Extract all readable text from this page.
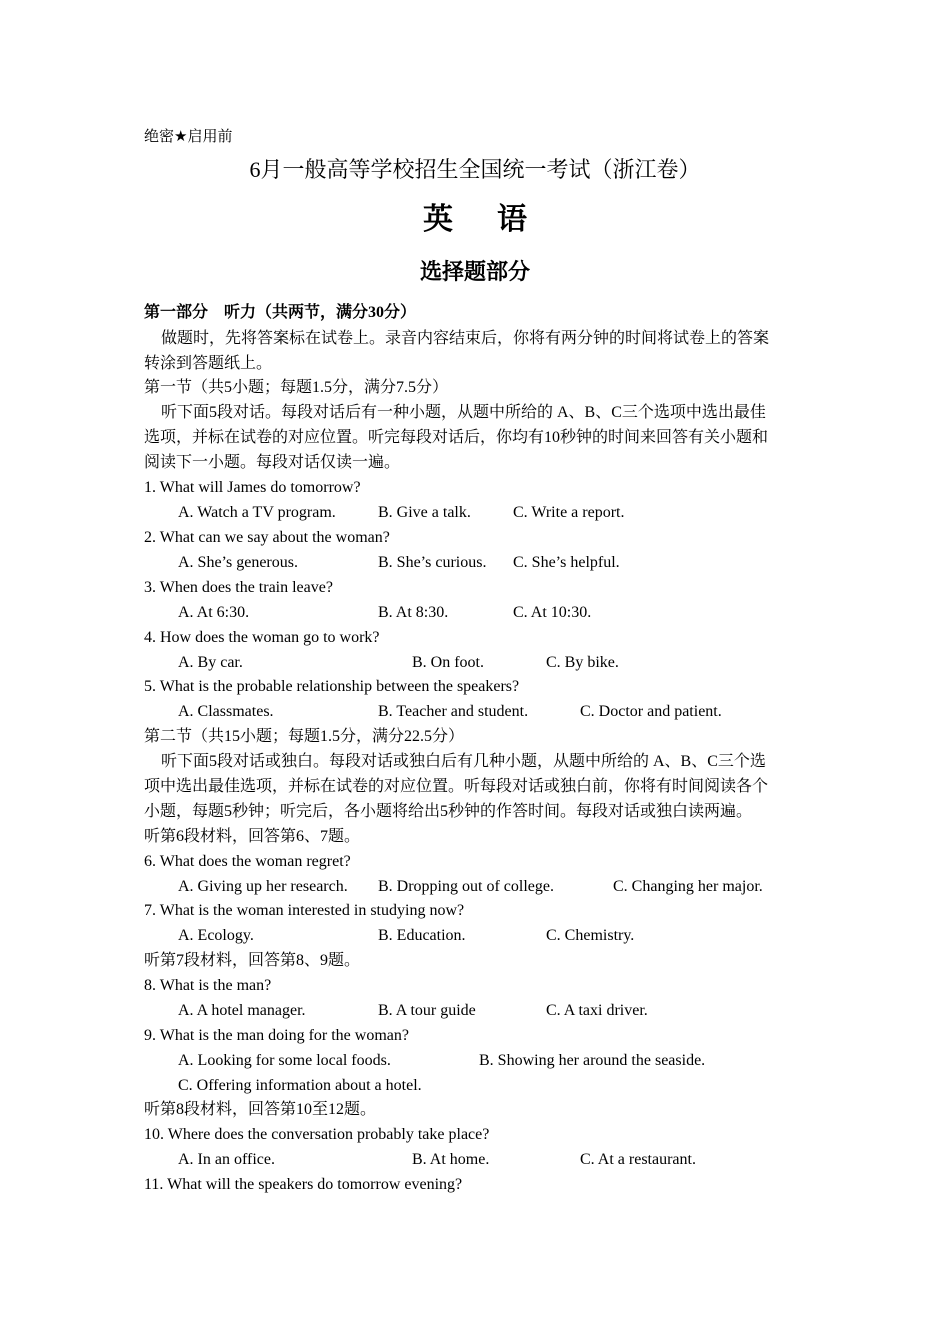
绝密★启用前
6月一般高等学校招生全国统一考试（浙江卷）
英语
选择题部分
第一部分　听力（共两节，满分30分）
做题时，先将答案标在试卷上。录音内容结束后，你将有两分钟的时间将试卷上的答案
转涂到答题纸上。
第一节（共5小题；每题1.5分，满分7.5分）
听下面5段对话。每段对话后有一种小题，从题中所给的 A、B、C三个选项中选出最佳
选项，并标在试卷的对应位置。听完每段对话后，你均有10秒钟的时间来回答有关小题和
阅读下一小题。每段对话仅读一遍。
1. What will James do tomorrow?
A. Watch a TV program.	B. Give a talk.	C. Write a report.
2. What can we say about the woman?
A. She’s generous.	B. She’s curious. C. She’s helpful.
3. When does the train leave?
A. At 6:30.	B. At 8:30.	C. At 10:30.
4. How does the woman go to work?
A. By car.	B. On foot.	C. By bike.
5. What is the probable relationship between the speakers?
A. Classmates.	B. Teacher and student.	C. Doctor and patient.
第二节（共15小题；每题1.5分，满分22.5分）
听下面5段对话或独白。每段对话或独白后有几种小题，从题中所给的 A、B、C三个选
项中选出最佳选项，并标在试卷的对应位置。听每段对话或独白前，你将有时间阅读各个
小题，每题5秒钟；听完后，各小题将给出5秒钟的作答时间。每段对话或独白读两遍。
听第6段材料，回答第6、7题。
6. What does the woman regret?
A. Giving up her research. B. Dropping out of college.	C. Changing her major.
7. What is the woman interested in studying now?
A. Ecology.	B. Education.	C. Chemistry.
听第7段材料，回答第8、9题。
8. What is the man?
A. A hotel manager.	B. A tour guide	C. A taxi driver.
9. What is the man doing for the woman?
A. Looking for some local foods.	B. Showing her around the seaside.
C. Offering information about a hotel.
听第8段材料，回答第10至12题。
10. Where does the conversation probably take place?
A. In an office.	B. At home.	C. At a restaurant.
11. What will the speakers do tomorrow evening?
